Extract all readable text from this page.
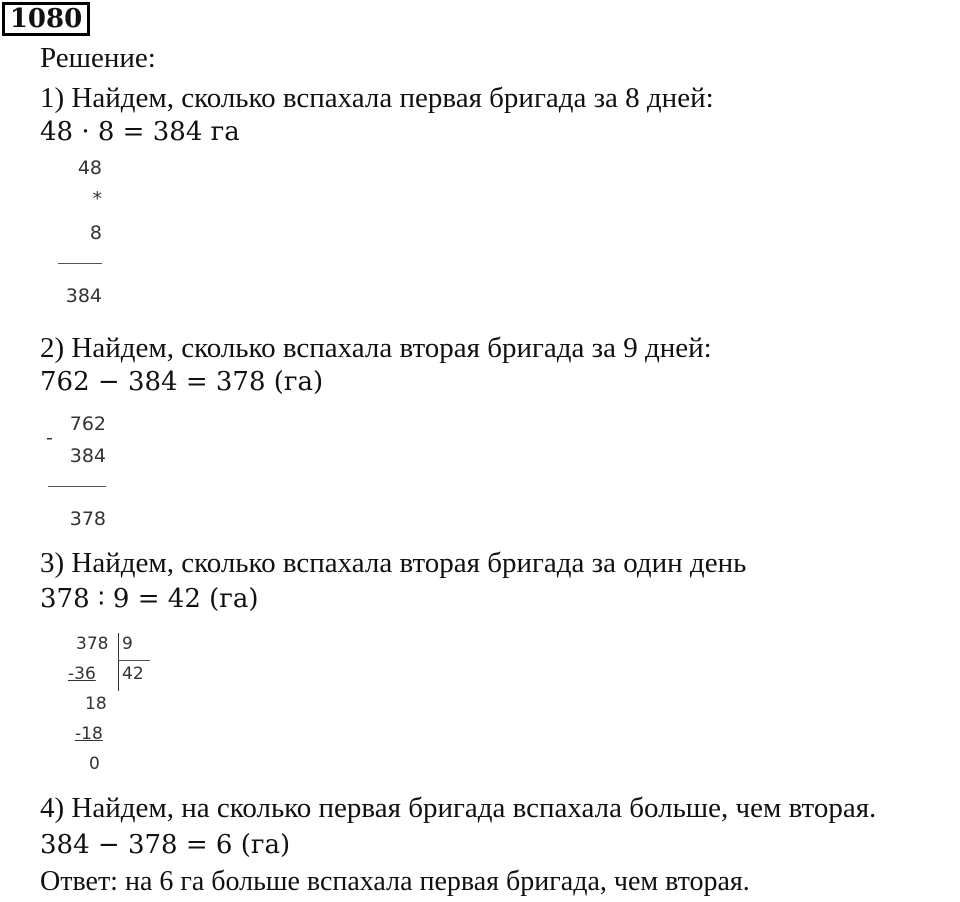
1080
Решение:
1) Найдем, сколько вспахала первая бригада за 8 дней:
48 · 8 = 384 га
48
*
8
384
2) Найдем, сколько вспахала вторая бригада за 9 дней:
762 − 384 = 378 (га)
-
762
384
378
3) Найдем, сколько вспахала вторая бригада за один день
378 ∶ 9 = 42 (га)
378 9
42
-36
18
-18
0
4) Найдем, на сколько первая бригада вспахала больше, чем вторая.
384 − 378 = 6 (га)
Ответ: на 6 га больше вспахала первая бригада, чем вторая.
